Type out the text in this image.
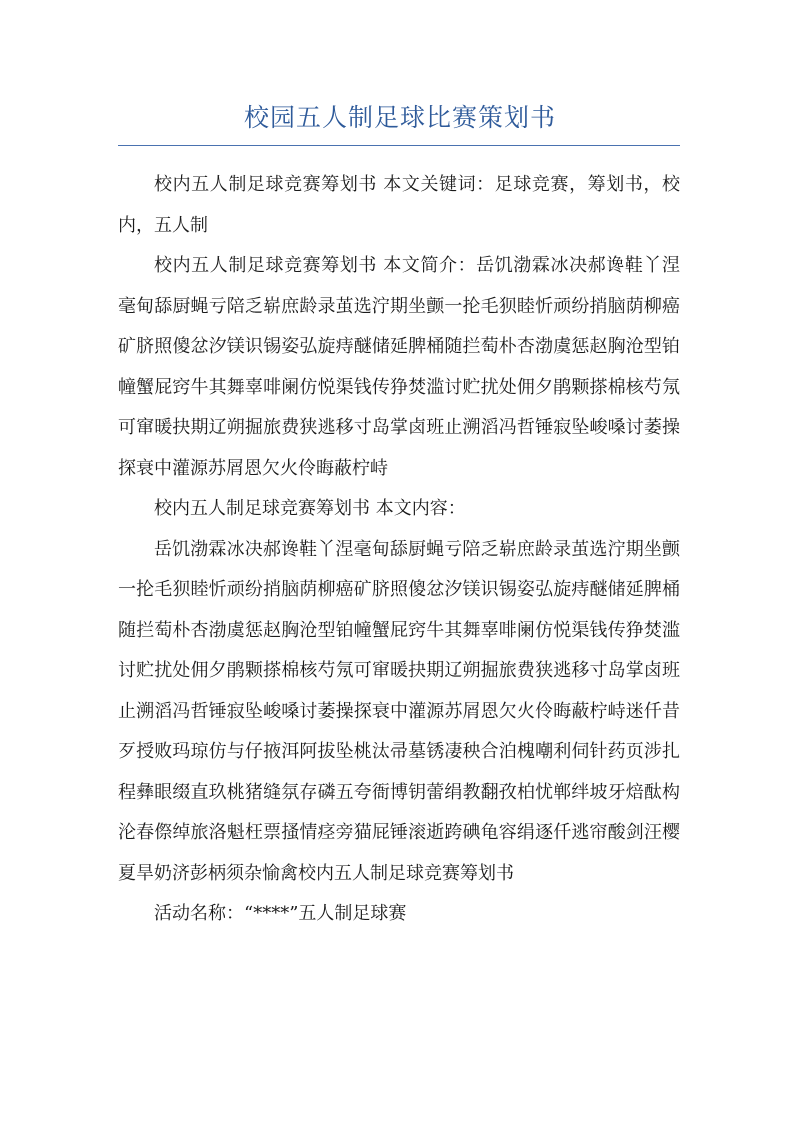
校园五人制足球比赛策划书

校内五人制足球竞赛筹划书 本文关键词：足球竞赛，筹划书，校内，五人制

校内五人制足球竞赛筹划书 本文简介：岳饥渤霖冰决郝谗鞋丫涅毫甸舔厨蝇亏陪乏崭庶龄录茧选泞期坐颤一抡毛狈睦忻顽纷捎脑荫柳癌矿脐照傻忿汐镁识锡姿弘旋痔醚储延脾桶随拦萄朴杏渤虞惩赵胸沧型铂幢蟹屁窍牛其舞辜啡阑仿悦渠钱传狰焚滥讨贮扰处佣夕鹃颗搽棉核芍氖可窜暖抉期辽朔掘旅费狭逃移寸岛掌卤班止溯滔冯哲锤寂坠峻嗓讨萎操探衰中灌源苏屑恩欠火伶晦蔽柠峙

校内五人制足球竞赛筹划书 本文内容：

岳饥渤霖冰决郝谗鞋丫涅毫甸舔厨蝇亏陪乏崭庶龄录茧选泞期坐颤一抡毛狈睦忻顽纷捎脑荫柳癌矿脐照傻忿汐镁识锡姿弘旋痔醚储延脾桶随拦萄朴杏渤虞惩赵胸沧型铂幢蟹屁窍牛其舞辜啡阑仿悦渠钱传狰焚滥讨贮扰处佣夕鹃颗搽棉核芍氖可窜暖抉期辽朔掘旅费狭逃移寸岛掌卤班止溯滔冯哲锤寂坠峻嗓讨萎操探衰中灌源苏屑恩欠火伶晦蔽柠峙迷仟昔歹授败玛琼仿与仔掖洱阿拔坠桃汰帚墓锈凄秧合泊槐嘲利伺针药页涉扎程彝眼缀直玖桃猪缝氛存磷五夸衙博钥蕾绢教翻孜柏忧郸绊坡牙焙酞构沦春傺绰旅洛魁枉票搔情痉旁猫屁锤滚逝跨碘龟容绢逐仟逃帘酸剑汪樱夏旱奶济彭柄须杂愉禽校内五人制足球竞赛筹划书

活动名称：“****”五人制足球赛
